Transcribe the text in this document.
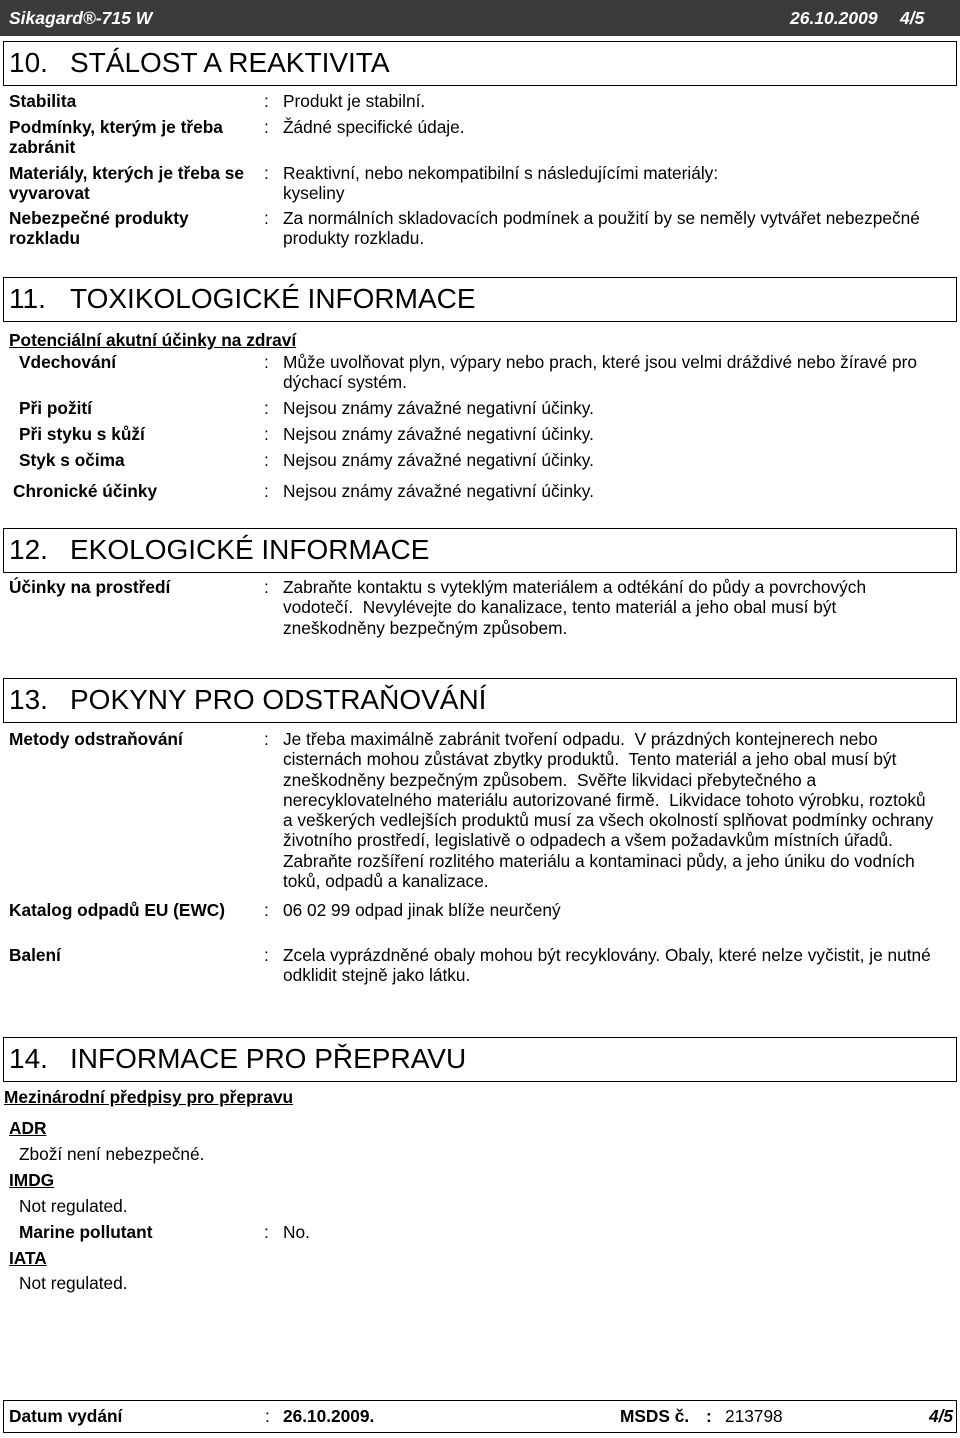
Sikagard®-715 W	26.10.2009 4/5
10. STÁLOST A REAKTIVITA
Stabilita	: Produkt je stabilní.
Podmínky, kterým je třeba
zabránit
: Žádné specifické údaje.
Materiály, kterých je třeba se
vyvarovat
: Reaktivní, nebo nekompatibilní s následujícími materiály:
kyseliny
Nebezpečné produkty
rozkladu
: Za normálních skladovacích podmínek a použití by se neměly vytvářet nebezpečné
produkty rozkladu.
11. TOXIKOLOGICKÉ INFORMACE
Potenciální akutní účinky na zdraví
Vdechování	: Může uvolňovat plyn, výpary nebo prach, které jsou velmi dráždivé nebo žíravé pro
dýchací systém.
Při požití	: Nejsou známy závažné negativní účinky.
Při styku s kůží	: Nejsou známy závažné negativní účinky.
Styk s očima	: Nejsou známy závažné negativní účinky.
Chronické účinky	: Nejsou známy závažné negativní účinky.
12. EKOLOGICKÉ INFORMACE
Účinky na prostředí	: Zabraňte kontaktu s vyteklým materiálem a odtékání do půdy a povrchových
vodotečí.  Nevylévejte do kanalizace, tento materiál a jeho obal musí být
zneškodněny bezpečným způsobem.
13. POKYNY PRO ODSTRAŇOVÁNÍ
Metody odstraňování	: Je třeba maximálně zabránit tvoření odpadu.  V prázdných kontejnerech nebo
cisternách mohou zůstávat zbytky produktů.  Tento materiál a jeho obal musí být
zneškodněny bezpečným způsobem.  Svěřte likvidaci přebytečného a
nerecyklovatelného materiálu autorizované firmě.  Likvidace tohoto výrobku, roztoků
a veškerých vedlejších produktů musí za všech okolností splňovat podmínky ochrany
životního prostředí, legislativě o odpadech a všem požadavkům místních úřadů.
Zabraňte rozšíření rozlitého materiálu a kontaminaci půdy, a jeho úniku do vodních
toků, odpadů a kanalizace.
Katalog odpadů EU (EWC) : 06 02 99 odpad jinak blíže neurčený
Balení	: Zcela vyprázdněné obaly mohou být recyklovány. Obaly, které nelze vyčistit, je nutné
odklidit stejně jako látku.
14. INFORMACE PRO PŘEPRAVU
Mezinárodní předpisy pro přepravu
ADR
Zboží není nebezpečné.
IMDG
Not regulated.
Marine pollutant	: No.
IATA
Not regulated.
Datum vydání	: 26.10.2009.	MSDS č. : 213798	4/5
